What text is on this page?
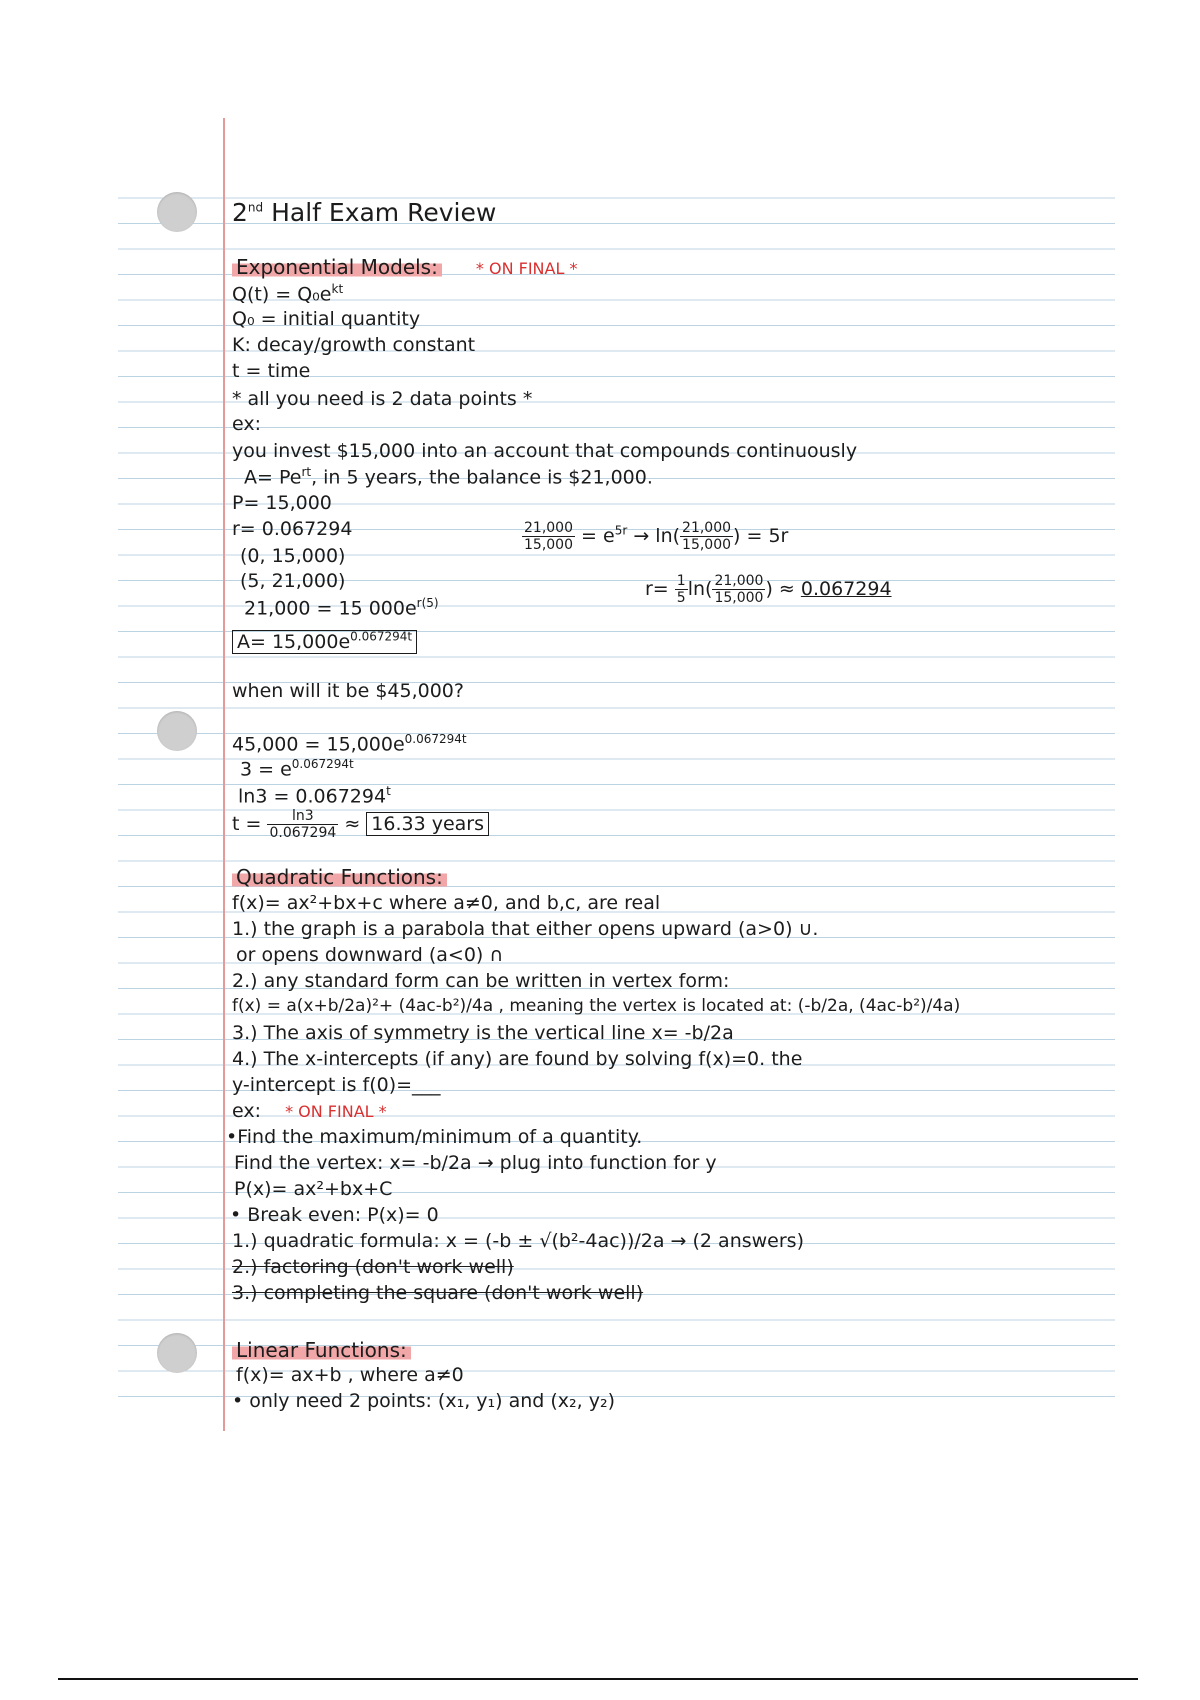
2nd Half Exam Review
Exponential Models: * ON FINAL *
$Q(t) = Q_0e^{kt}$
Q₀ = initial quantity
K: decay/growth constant
t = time
* all you need is 2 data points *
ex:
you invest $15,000 into an account that compounds continuously
$A= Pe^{rt}$, in 5 years, the balance is $21,000.
P= 15,000
r= 0.067294
(0, 15,000)
(5, 21,000)
21,000 = 15 $000e^{r(5)}$
$\frac{21,000}{15,000} = e^{5r} \to \ln( \frac{21,000}{15,000}$ ) = 5r
$r= \frac{1}{5} \ln( \frac{21,000}{15,000}$ ) ≈ 0.067294
$A= 15,000e^{0.067294t}$
when will it be $45,000?
$45,000 = 15,000e^{0.067294t}$
$3 = e^{0.067294t}$
$\ln 3 = 0.067294^t$
$t = \frac{\ln 3}{0.067294} \approx 16.33$ years
Quadratic Functions:
f(x)= ax²+bx+c where a≠0, and b,c, are real
1.) the graph is a parabola that either opens upward (a>0) ∪.
or opens downward (a<0) ∩
2.) any standard form can be written in vertex form:
f(x) = a(x+b/2a)²+ (4ac-b²)/4a , meaning the vertex is located at: (-b/2a, (4ac-b²)/4a)
3.) The axis of symmetry is the vertical line x= -b/2a
4.) The x-intercepts (if any) are found by solving f(x)=0. the
y-intercept is f(0)=___
ex: * ON FINAL *
•Find the maximum/minimum of a quantity.
Find the vertex: x= -b/2a → plug into function for y
P(x)= ax²+bx+C
• Break even: P(x)= 0
1.) quadratic formula: x = (-b ± √(b²-4ac))/2a → (2 answers)
2.) factoring (don't work well)
3.) completing the square (don't work well)
Linear Functions:
f(x)= ax+b , where a≠0
• only need 2 points: (x₁, y₁) and (x₂, y₂)
